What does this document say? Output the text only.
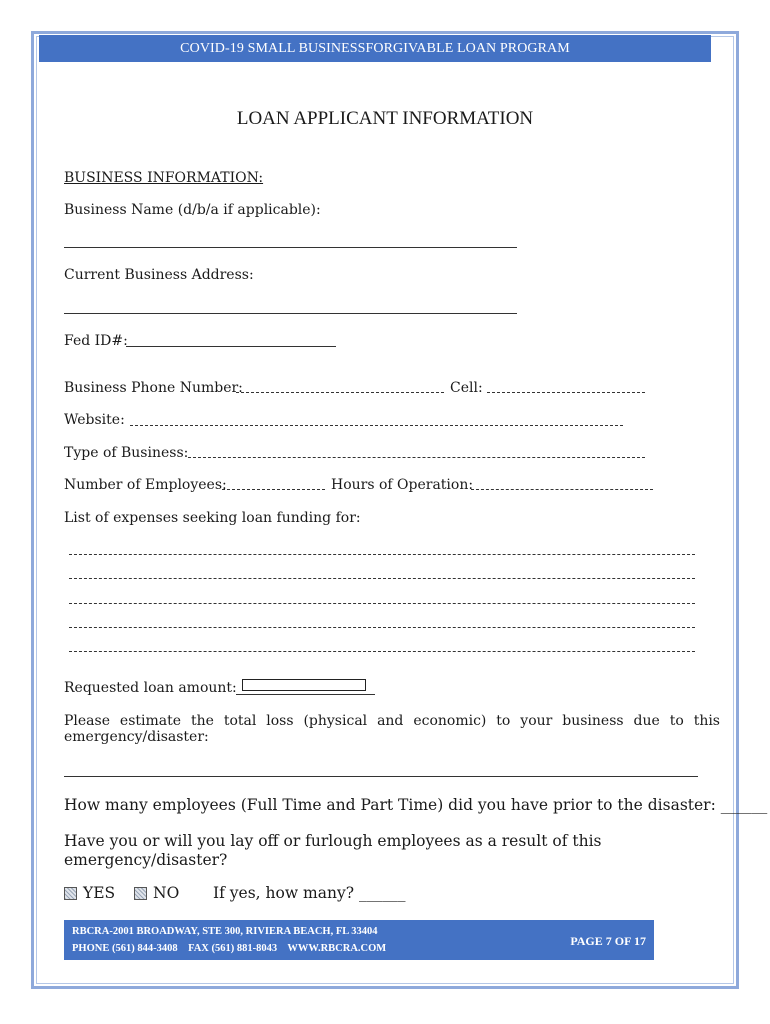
COVID-19 SMALL BUSINESSFORGIVABLE LOAN PROGRAM
LOAN APPLICANT INFORMATION
BUSINESS INFORMATION:
Business Name (d/b/a if applicable):
Current Business Address:
Fed ID#:
Business Phone Number:	Cell:
Website:
Type of Business:
Number of Employees:	Hours of Operation:
List of expenses seeking loan funding for:
Requested loan amount:
Please estimate the total loss (physical and economic) to your business due to this emergency/disaster:
How many employees (Full Time and Part Time) did you have prior to the disaster: ______
Have you or will you lay off or furlough employees as a result of this
emergency/disaster?
YES NO If yes, how many? ______
RBCRA-2001 BROADWAY, STE 300, RIVIERA BEACH, FL 33404
PHONE (561) 844-3408    FAX (561) 881-8043    WWW.RBCRA.COM
PAGE 7 OF 17
